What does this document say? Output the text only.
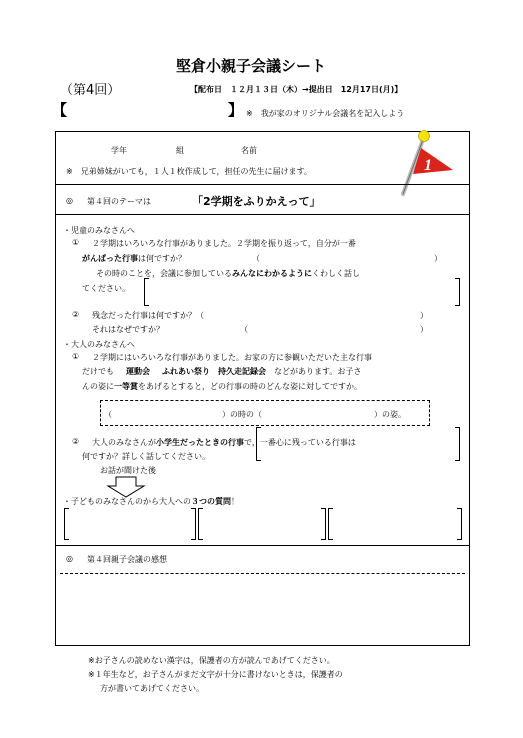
堅倉小親子会議シート
（第4回）	【配布日　１２月１３日（木）→提出日　12月17日(月)】
【	】 ※　我が家のオリジナル会議名を記入しよう
学年	組	名前
※　兄弟姉妹がいても，１人１枚作成して，担任の先生に届けます。	1
◎ 第４回のテーマは	「2学期をふりかえって」
・児童のみなさんへ
① ２学期はいろいろな行事がありました。２学期を振り返って，自分が一番
がんばった行事は何ですか？	（	）
その時のことを，会議に参加しているみんなにわかるようにくわしく話し
てください。
② 残念だった行事は何ですか？（	）
それはなぜですか？	（	）
・大人のみなさんへ
① ２学期にはいろいろな行事がありました。お家の方に参観いただいた主な行事
だけでも 運動会 ふれあい祭り 持久走記録会 などがあります。お子さ
んの姿に一等賞をあげるとすると，どの行事の時のどんな姿に対してですか。
（	）の時の（	）の姿。
② 大人のみなさんが小学生だったときの行事で，一番心に残っている行事は
何ですか？詳しく話してください。
お話が聞けた後
・子どものみなさんのから大人への３つの質問！
◎ 第４回親子会議の感想
※お子さんの読めない漢字は，保護者の方が読んであげてください。
※１年生など，お子さんがまだ文字が十分に書けないときは，保護者の
方が書いてあげてください。
